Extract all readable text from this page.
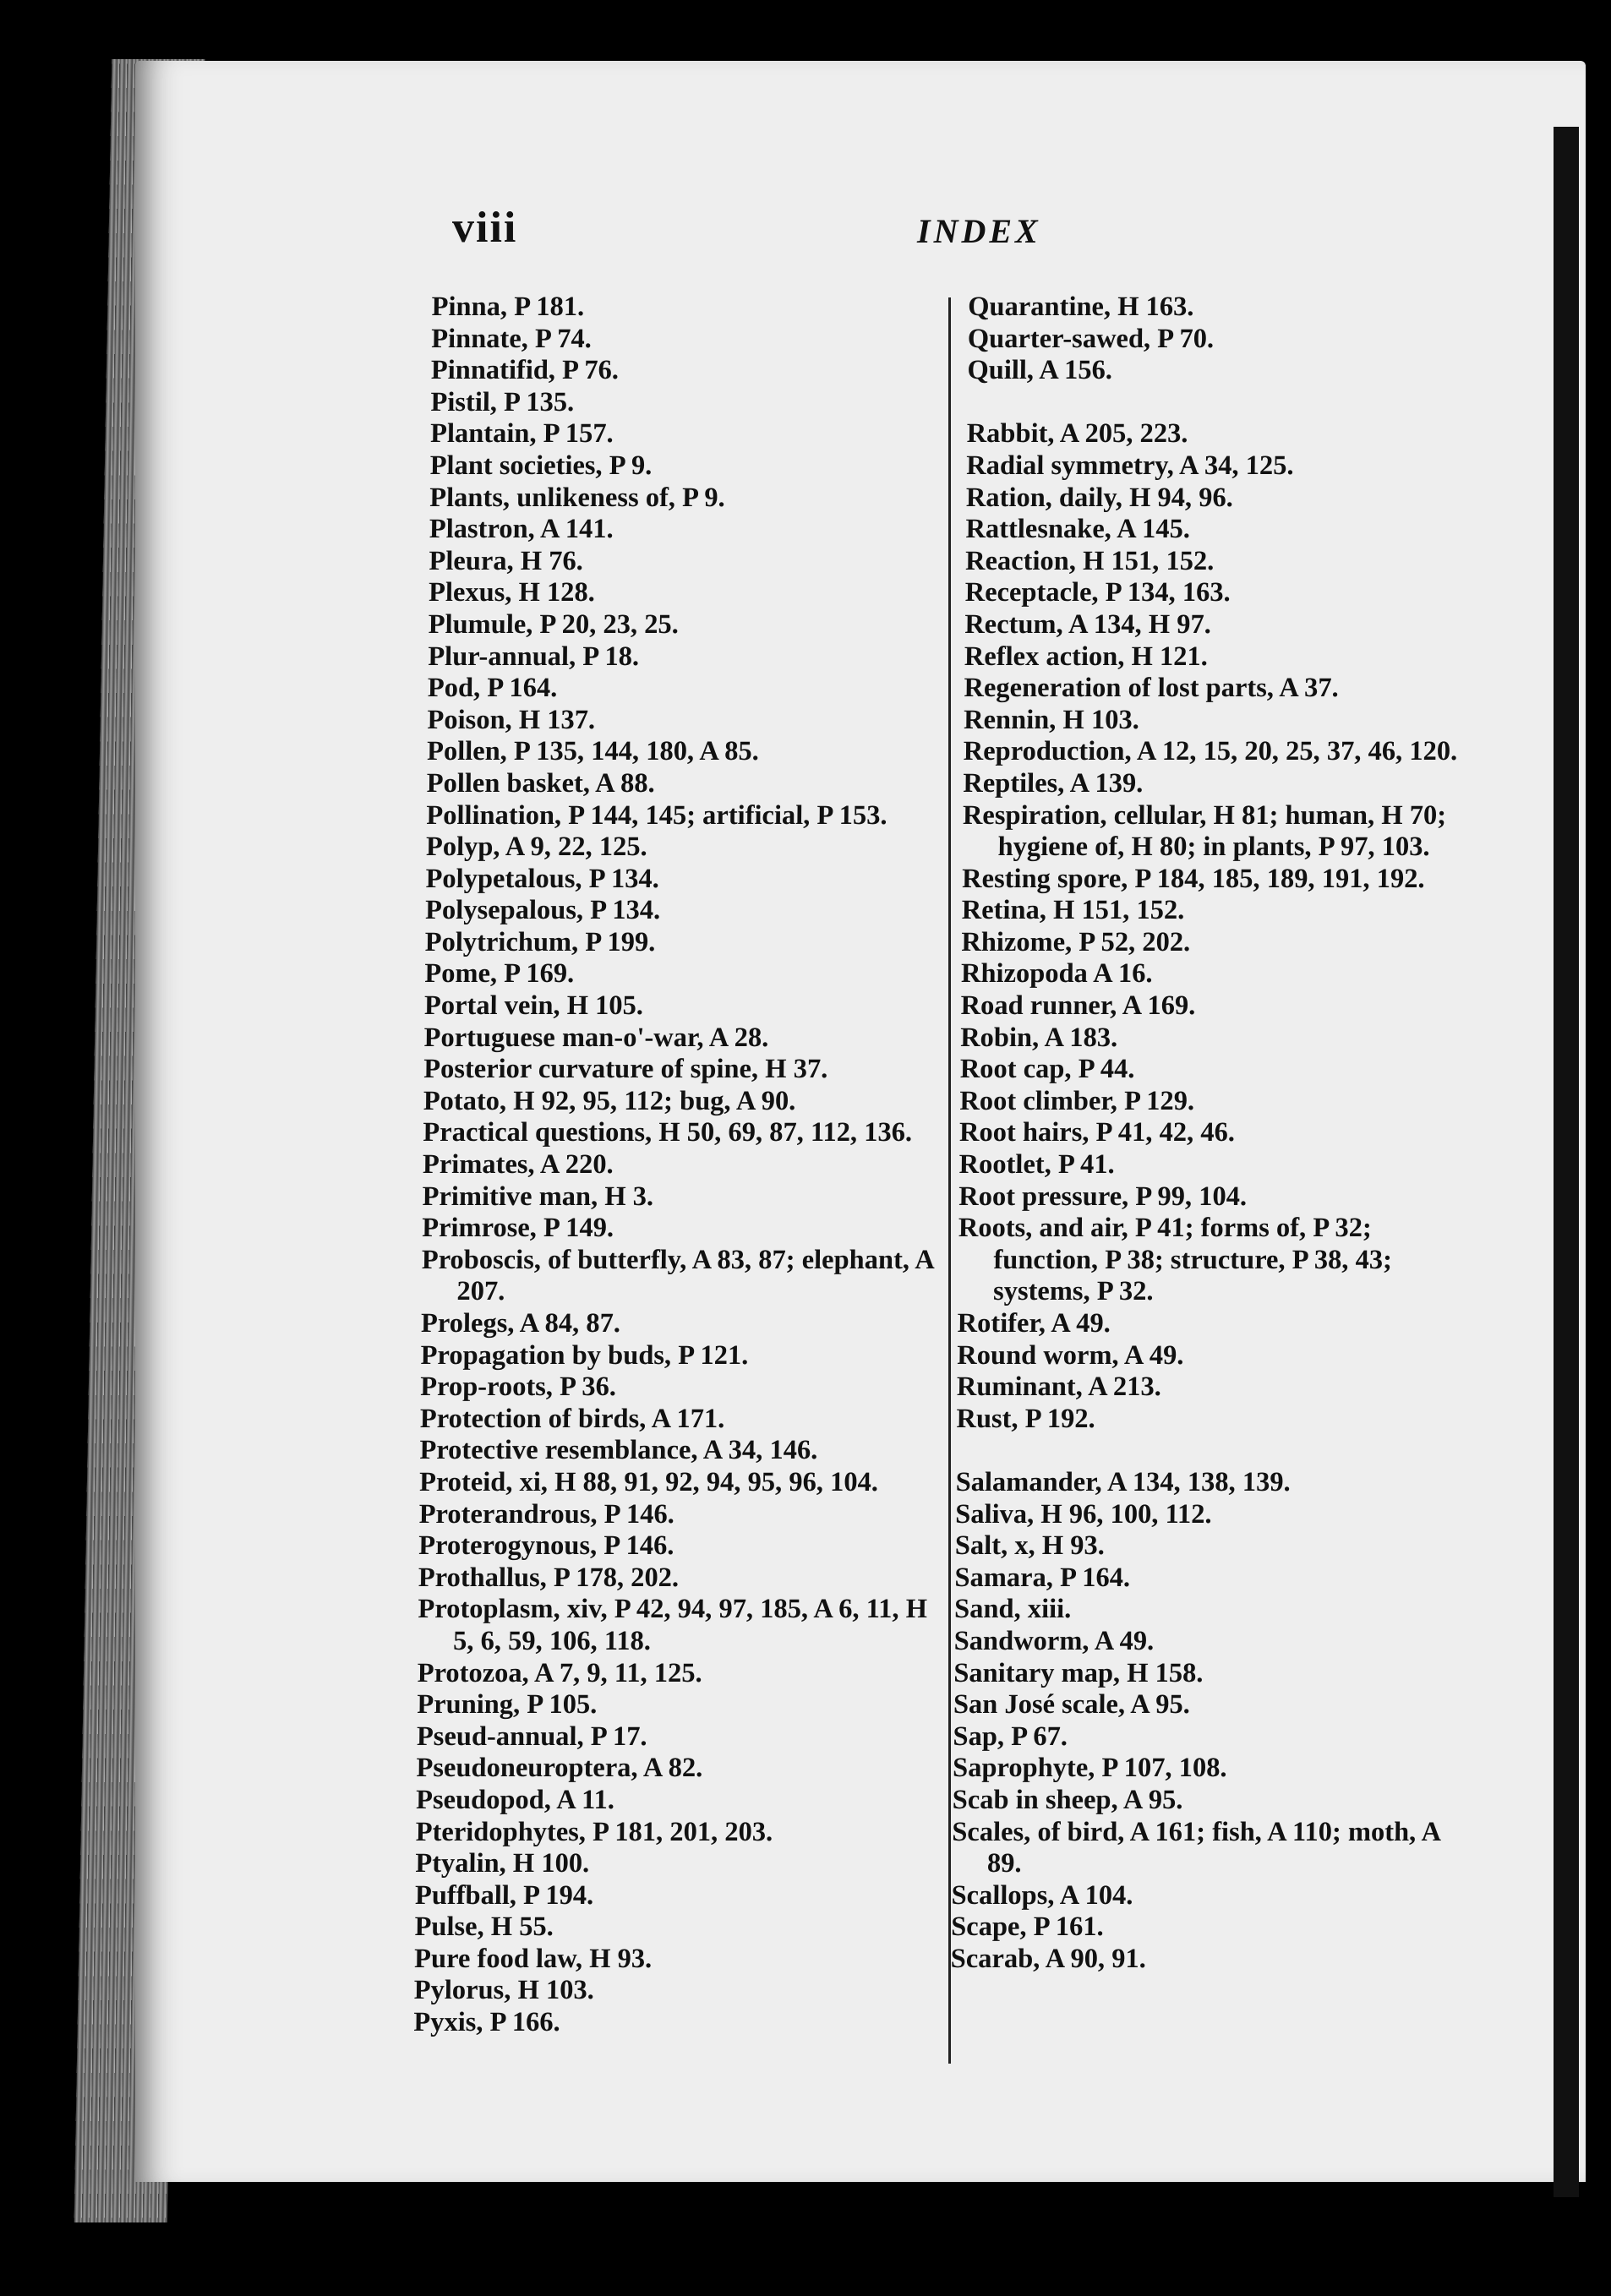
viii	INDEX

Pinna, P 181.

Pinnate, P 74.

Pinnatifid, P 76.

Pistil, P 135.

Plantain, P 157.

Plant societies, P 9.

Plants, unlikeness of, P 9.

Plastron, A 141.

Pleura, H 76.

Plexus, H 128.

Plumule, P 20, 23, 25.

Plur-annual, P 18.

Pod, P 164.

Poison, H 137.

Pollen, P 135, 144, 180, A 85.

Pollen basket, A 88.

Pollination, P 144, 145; artificial, P 153.

Polyp, A 9, 22, 125.

Polypetalous, P 134.

Polysepalous, P 134.

Polytrichum, P 199.

Pome, P 169.

Portal vein, H 105.

Portuguese man-o'-war, A 28.

Posterior curvature of spine, H 37.

Potato, H 92, 95, 112; bug, A 90.

Practical questions, H 50, 69, 87, 112, 136.

Primates, A 220.

Primitive man, H 3.

Primrose, P 149.

Proboscis, of butterfly, A 83, 87; elephant, A 207.

Prolegs, A 84, 87.

Propagation by buds, P 121.

Prop-roots, P 36.

Protection of birds, A 171.

Protective resemblance, A 34, 146.

Proteid, xi, H 88, 91, 92, 94, 95, 96, 104.

Proterandrous, P 146.

Proterogynous, P 146.

Prothallus, P 178, 202.

Protoplasm, xiv, P 42, 94, 97, 185, A 6, 11, H 5, 6, 59, 106, 118.

Protozoa, A 7, 9, 11, 125.

Pruning, P 105.

Pseud-annual, P 17.

Pseudoneuroptera, A 82.

Pseudopod, A 11.

Pteridophytes, P 181, 201, 203.

Ptyalin, H 100.

Puffball, P 194.

Pulse, H 55.

Pure food law, H 93.

Pylorus, H 103.

Pyxis, P 166.

Quarantine, H 163.

Quarter-sawed, P 70.

Quill, A 156.

Rabbit, A 205, 223.

Radial symmetry, A 34, 125.

Ration, daily, H 94, 96.

Rattlesnake, A 145.

Reaction, H 151, 152.

Receptacle, P 134, 163.

Rectum, A 134, H 97.

Reflex action, H 121.

Regeneration of lost parts, A 37.

Rennin, H 103.

Reproduction, A 12, 15, 20, 25, 37, 46, 120.

Reptiles, A 139.

Respiration, cellular, H 81; human, H 70; hygiene of, H 80; in plants, P 97, 103.

Resting spore, P 184, 185, 189, 191, 192.

Retina, H 151, 152.

Rhizome, P 52, 202.

Rhizopoda A 16.

Road runner, A 169.

Robin, A 183.

Root cap, P 44.

Root climber, P 129.

Root hairs, P 41, 42, 46.

Rootlet, P 41.

Root pressure, P 99, 104.

Roots, and air, P 41; forms of, P 32; function, P 38; structure, P 38, 43; systems, P 32.

Rotifer, A 49.

Round worm, A 49.

Ruminant, A 213.

Rust, P 192.

Salamander, A 134, 138, 139.

Saliva, H 96, 100, 112.

Salt, x, H 93.

Samara, P 164.

Sand, xiii.

Sandworm, A 49.

Sanitary map, H 158.

San José scale, A 95.

Sap, P 67.

Saprophyte, P 107, 108.

Scab in sheep, A 95.

Scales, of bird, A 161; fish, A 110; moth, A 89.

Scallops, A 104.

Scape, P 161.

Scarab, A 90, 91.
